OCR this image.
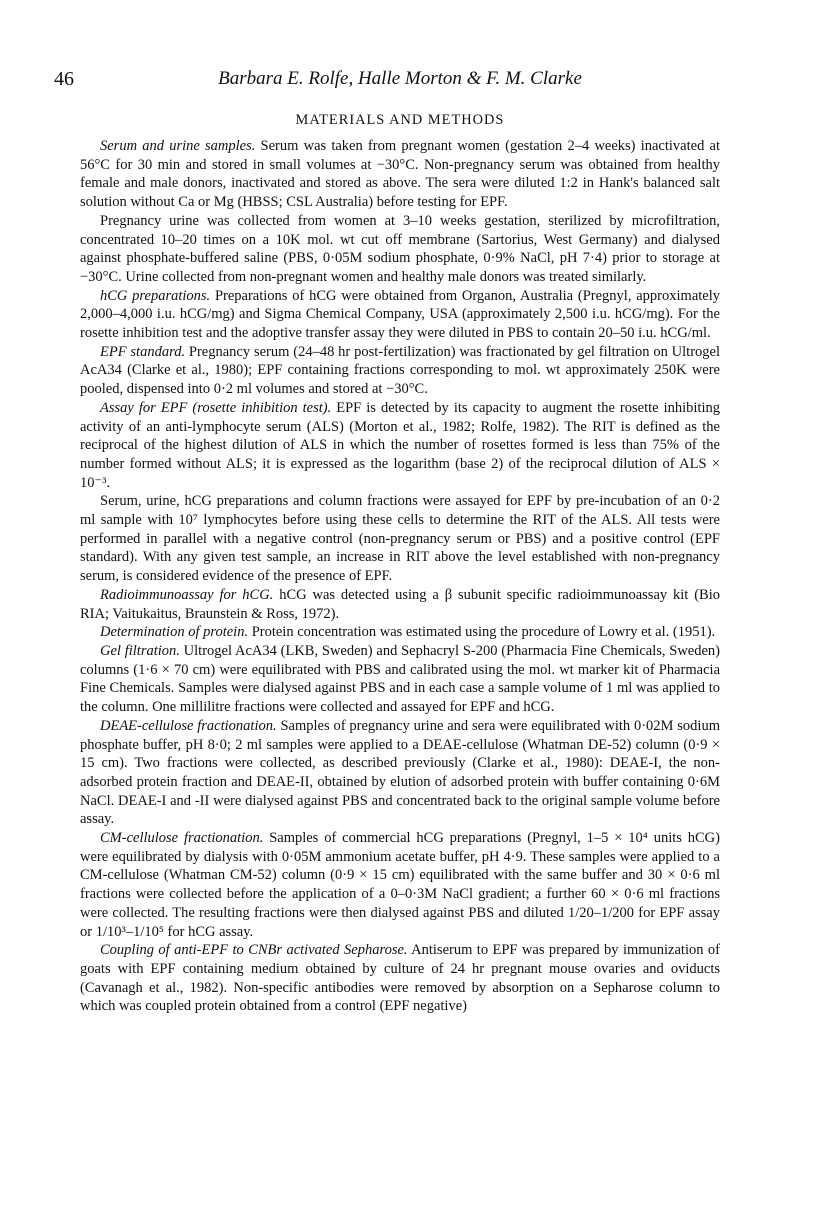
46	Barbara E. Rolfe, Halle Morton & F. M. Clarke
MATERIALS AND METHODS

Serum and urine samples. Serum was taken from pregnant women (gestation 2–4 weeks) inactivated at 56°C for 30 min and stored in small volumes at −30°C. Non-pregnancy serum was obtained from healthy female and male donors, inactivated and stored as above. The sera were diluted 1:2 in Hank's balanced salt solution without Ca or Mg (HBSS; CSL Australia) before testing for EPF.

Pregnancy urine was collected from women at 3–10 weeks gestation, sterilized by microfiltration, concentrated 10–20 times on a 10K mol. wt cut off membrane (Sartorius, West Germany) and dialysed against phosphate-buffered saline (PBS, 0·05M sodium phosphate, 0·9% NaCl, pH 7·4) prior to storage at −30°C. Urine collected from non-pregnant women and healthy male donors was treated similarly.

hCG preparations. Preparations of hCG were obtained from Organon, Australia (Pregnyl, approximately 2,000–4,000 i.u. hCG/mg) and Sigma Chemical Company, USA (approximately 2,500 i.u. hCG/mg). For the rosette inhibition test and the adoptive transfer assay they were diluted in PBS to contain 20–50 i.u. hCG/ml.

EPF standard. Pregnancy serum (24–48 hr post-fertilization) was fractionated by gel filtration on Ultrogel AcA34 (Clarke et al., 1980); EPF containing fractions corresponding to mol. wt approximately 250K were pooled, dispensed into 0·2 ml volumes and stored at −30°C.

Assay for EPF (rosette inhibition test). EPF is detected by its capacity to augment the rosette inhibiting activity of an anti-lymphocyte serum (ALS) (Morton et al., 1982; Rolfe, 1982). The RIT is defined as the reciprocal of the highest dilution of ALS in which the number of rosettes formed is less than 75% of the number formed without ALS; it is expressed as the logarithm (base 2) of the reciprocal dilution of ALS × 10⁻³.

Serum, urine, hCG preparations and column fractions were assayed for EPF by pre-incubation of an 0·2 ml sample with 10⁷ lymphocytes before using these cells to determine the RIT of the ALS. All tests were performed in parallel with a negative control (non-pregnancy serum or PBS) and a positive control (EPF standard). With any given test sample, an increase in RIT above the level established with non-pregnancy serum, is considered evidence of the presence of EPF.

Radioimmunoassay for hCG. hCG was detected using a β subunit specific radioimmunoassay kit (Bio RIA; Vaitukaitus, Braunstein & Ross, 1972).

Determination of protein. Protein concentration was estimated using the procedure of Lowry et al. (1951).

Gel filtration. Ultrogel AcA34 (LKB, Sweden) and Sephacryl S-200 (Pharmacia Fine Chemicals, Sweden) columns (1·6 × 70 cm) were equilibrated with PBS and calibrated using the mol. wt marker kit of Pharmacia Fine Chemicals. Samples were dialysed against PBS and in each case a sample volume of 1 ml was applied to the column. One millilitre fractions were collected and assayed for EPF and hCG.

DEAE-cellulose fractionation. Samples of pregnancy urine and sera were equilibrated with 0·02M sodium phosphate buffer, pH 8·0; 2 ml samples were applied to a DEAE-cellulose (Whatman DE-52) column (0·9 × 15 cm). Two fractions were collected, as described previously (Clarke et al., 1980): DEAE-I, the non-adsorbed protein fraction and DEAE-II, obtained by elution of adsorbed protein with buffer containing 0·6M NaCl. DEAE-I and -II were dialysed against PBS and concentrated back to the original sample volume before assay.

CM-cellulose fractionation. Samples of commercial hCG preparations (Pregnyl, 1–5 × 10⁴ units hCG) were equilibrated by dialysis with 0·05M ammonium acetate buffer, pH 4·9. These samples were applied to a CM-cellulose (Whatman CM-52) column (0·9 × 15 cm) equilibrated with the same buffer and 30 × 0·6 ml fractions were collected before the application of a 0–0·3M NaCl gradient; a further 60 × 0·6 ml fractions were collected. The resulting fractions were then dialysed against PBS and diluted 1/20–1/200 for EPF assay or 1/10³–1/10⁵ for hCG assay.

Coupling of anti-EPF to CNBr activated Sepharose. Antiserum to EPF was prepared by immunization of goats with EPF containing medium obtained by culture of 24 hr pregnant mouse ovaries and oviducts (Cavanagh et al., 1982). Non-specific antibodies were removed by absorption on a Sepharose column to which was coupled protein obtained from a control (EPF negative)
